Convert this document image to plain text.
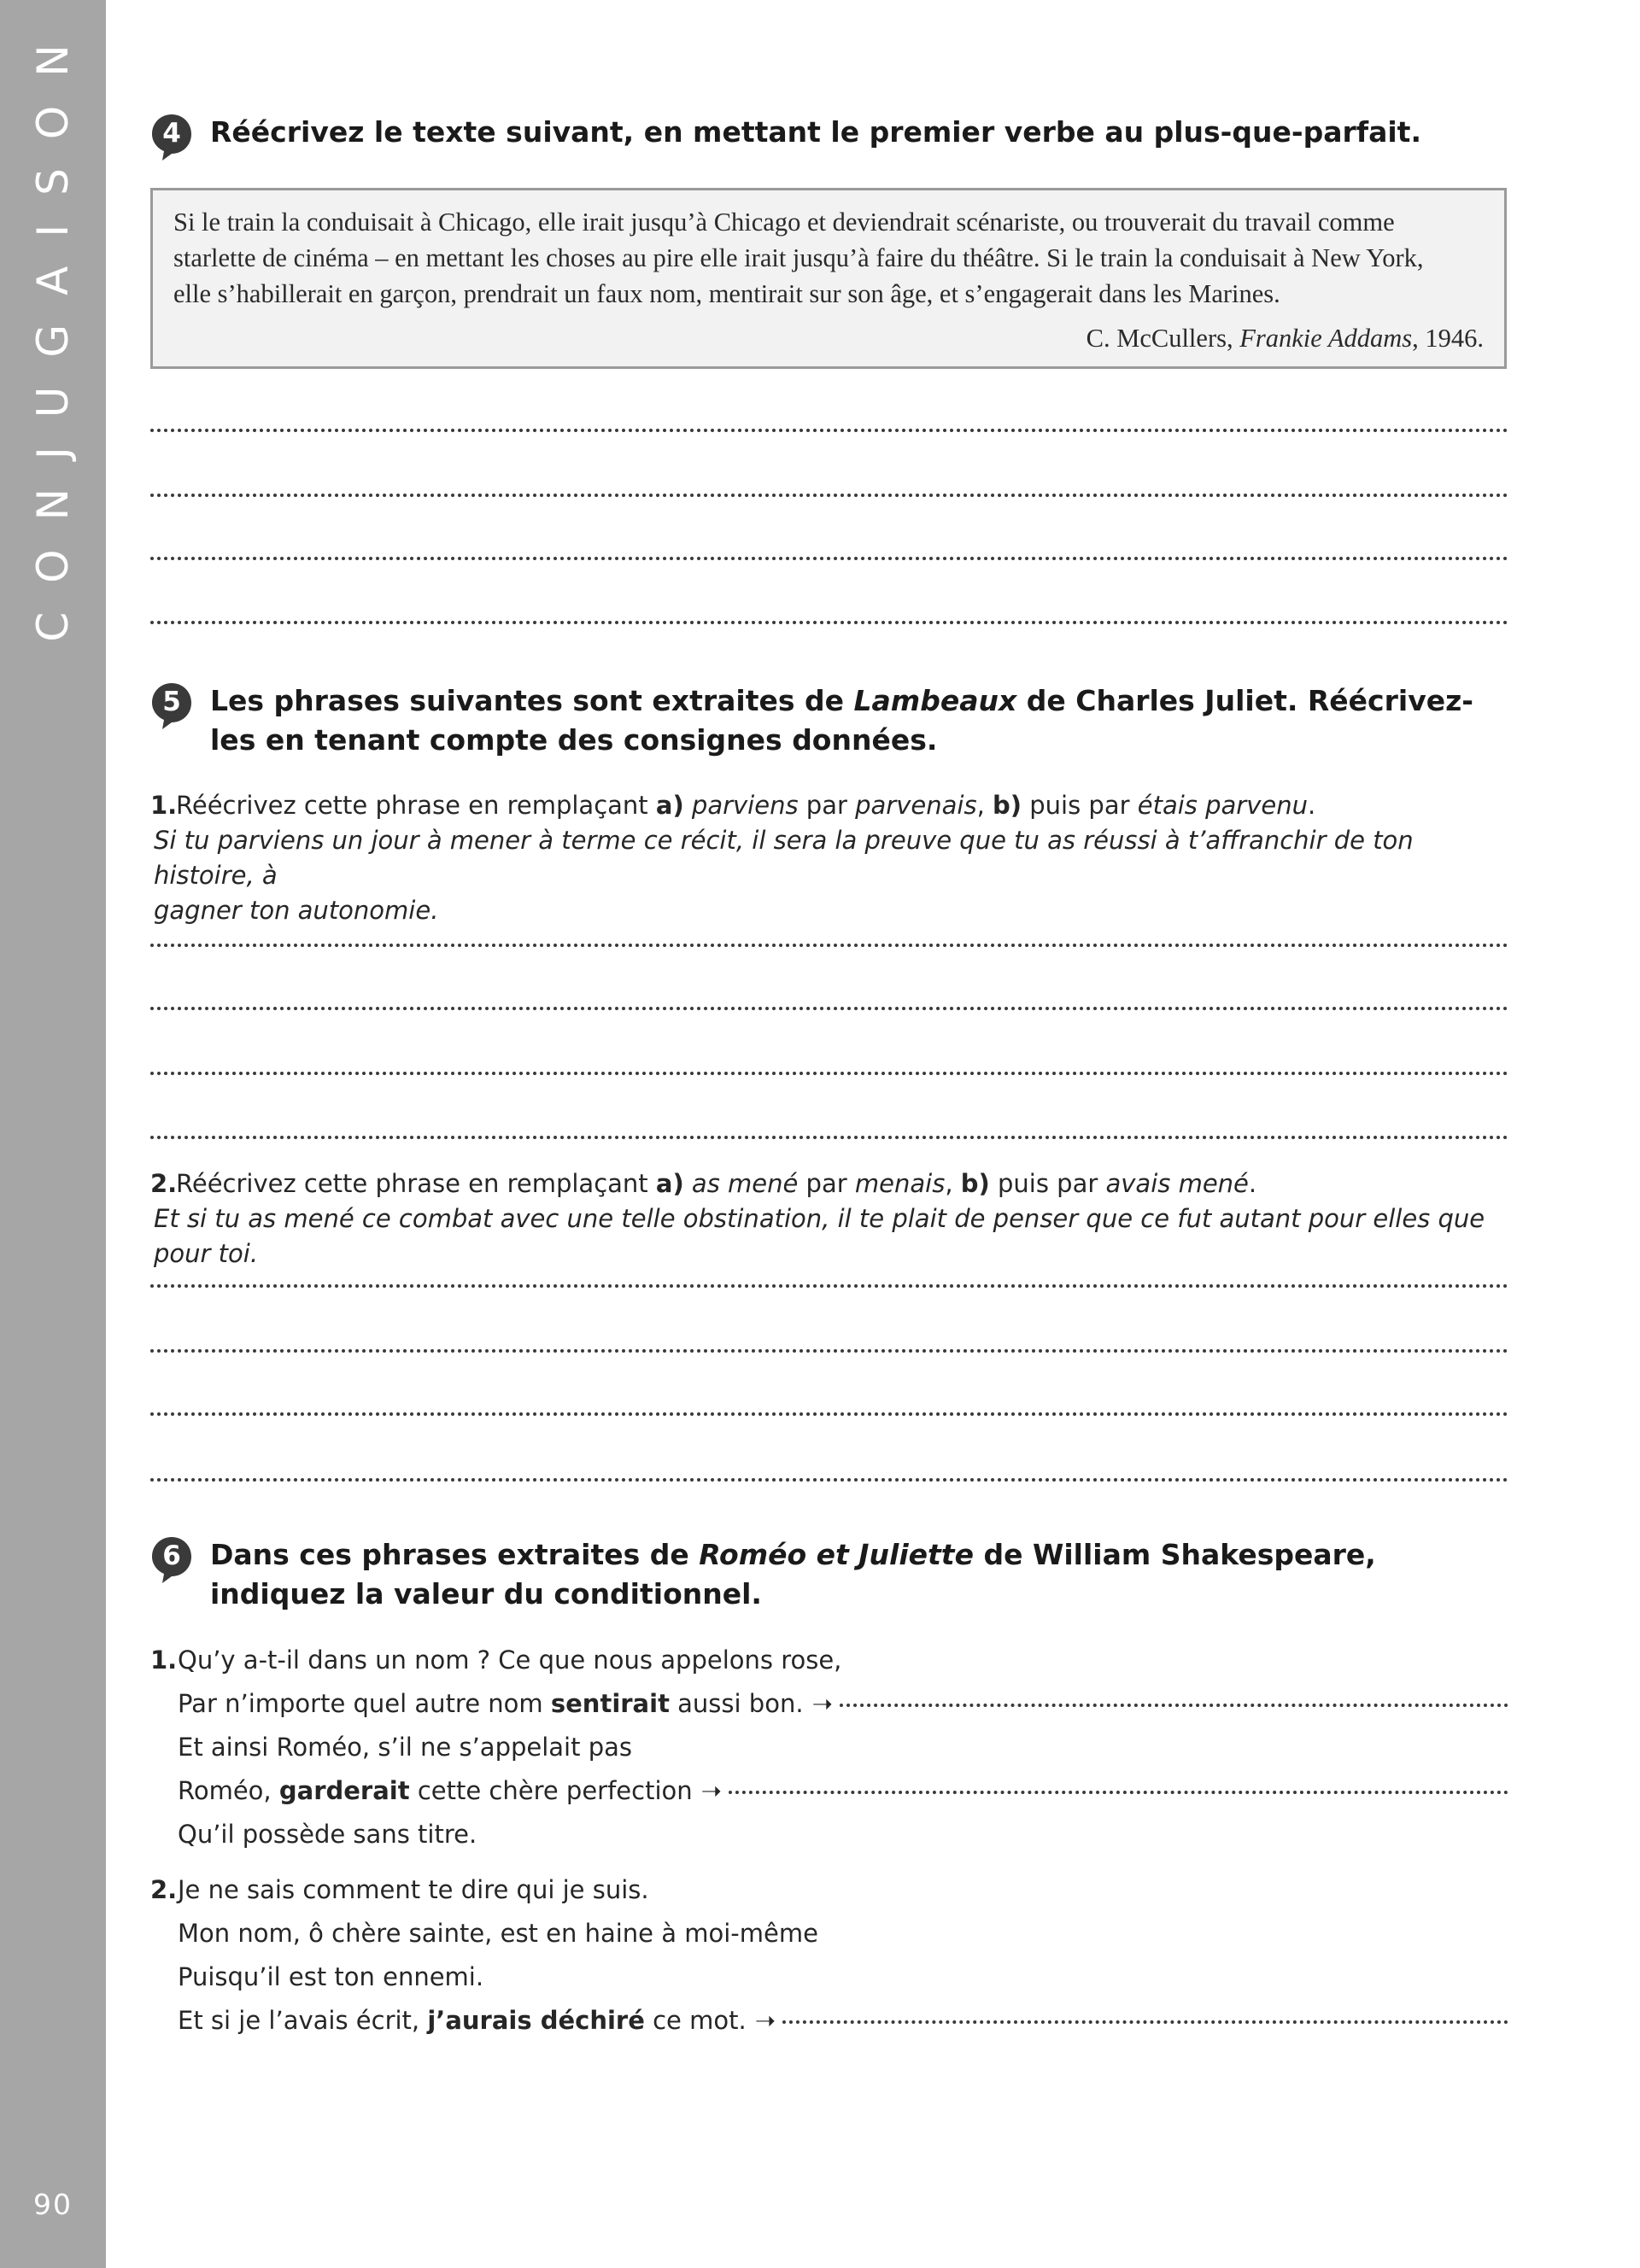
CONJUGAISON
90
4	Réécrivez le texte suivant, en mettant le premier verbe au plus-que-parfait.
Si le train la conduisait à Chicago, elle irait jusqu’à Chicago et deviendrait scénariste, ou trouverait du travail comme
starlette de cinéma – en mettant les choses au pire elle irait jusqu’à faire du théâtre. Si le train la conduisait à New York,
elle s’habillerait en garçon, prendrait un faux nom, mentirait sur son âge, et s’engagerait dans les Marines.
C. McCullers, Frankie Addams, 1946.
5	Les phrases suivantes sont extraites de Lambeaux de Charles Juliet. Réécrivez-les en tenant compte des consignes données.
1.
Réécrivez cette phrase en remplaçant a) parviens par parvenais, b) puis par étais parvenu.
Si tu parviens un jour à mener à terme ce récit, il sera la preuve que tu as réussi à t’affranchir de ton histoire, à
gagner ton autonomie.
2.
Réécrivez cette phrase en remplaçant a) as mené par menais, b) puis par avais mené.
Et si tu as mené ce combat avec une telle obstination, il te plait de penser que ce fut autant pour elles que pour toi.
6	Dans ces phrases extraites de Roméo et Juliette de William Shakespeare, indiquez la valeur du conditionnel.
1. Qu’y a-t-il dans un nom ? Ce que nous appelons rose,
Par n’importe quel autre nom sentirait aussi bon. ➝
Et ainsi Roméo, s’il ne s’appelait pas
Roméo, garderait cette chère perfection ➝
Qu’il possède sans titre.
2. Je ne sais comment te dire qui je suis.
Mon nom, ô chère sainte, est en haine à moi-même
Puisqu’il est ton ennemi.
Et si je l’avais écrit, j’aurais déchiré ce mot. ➝
